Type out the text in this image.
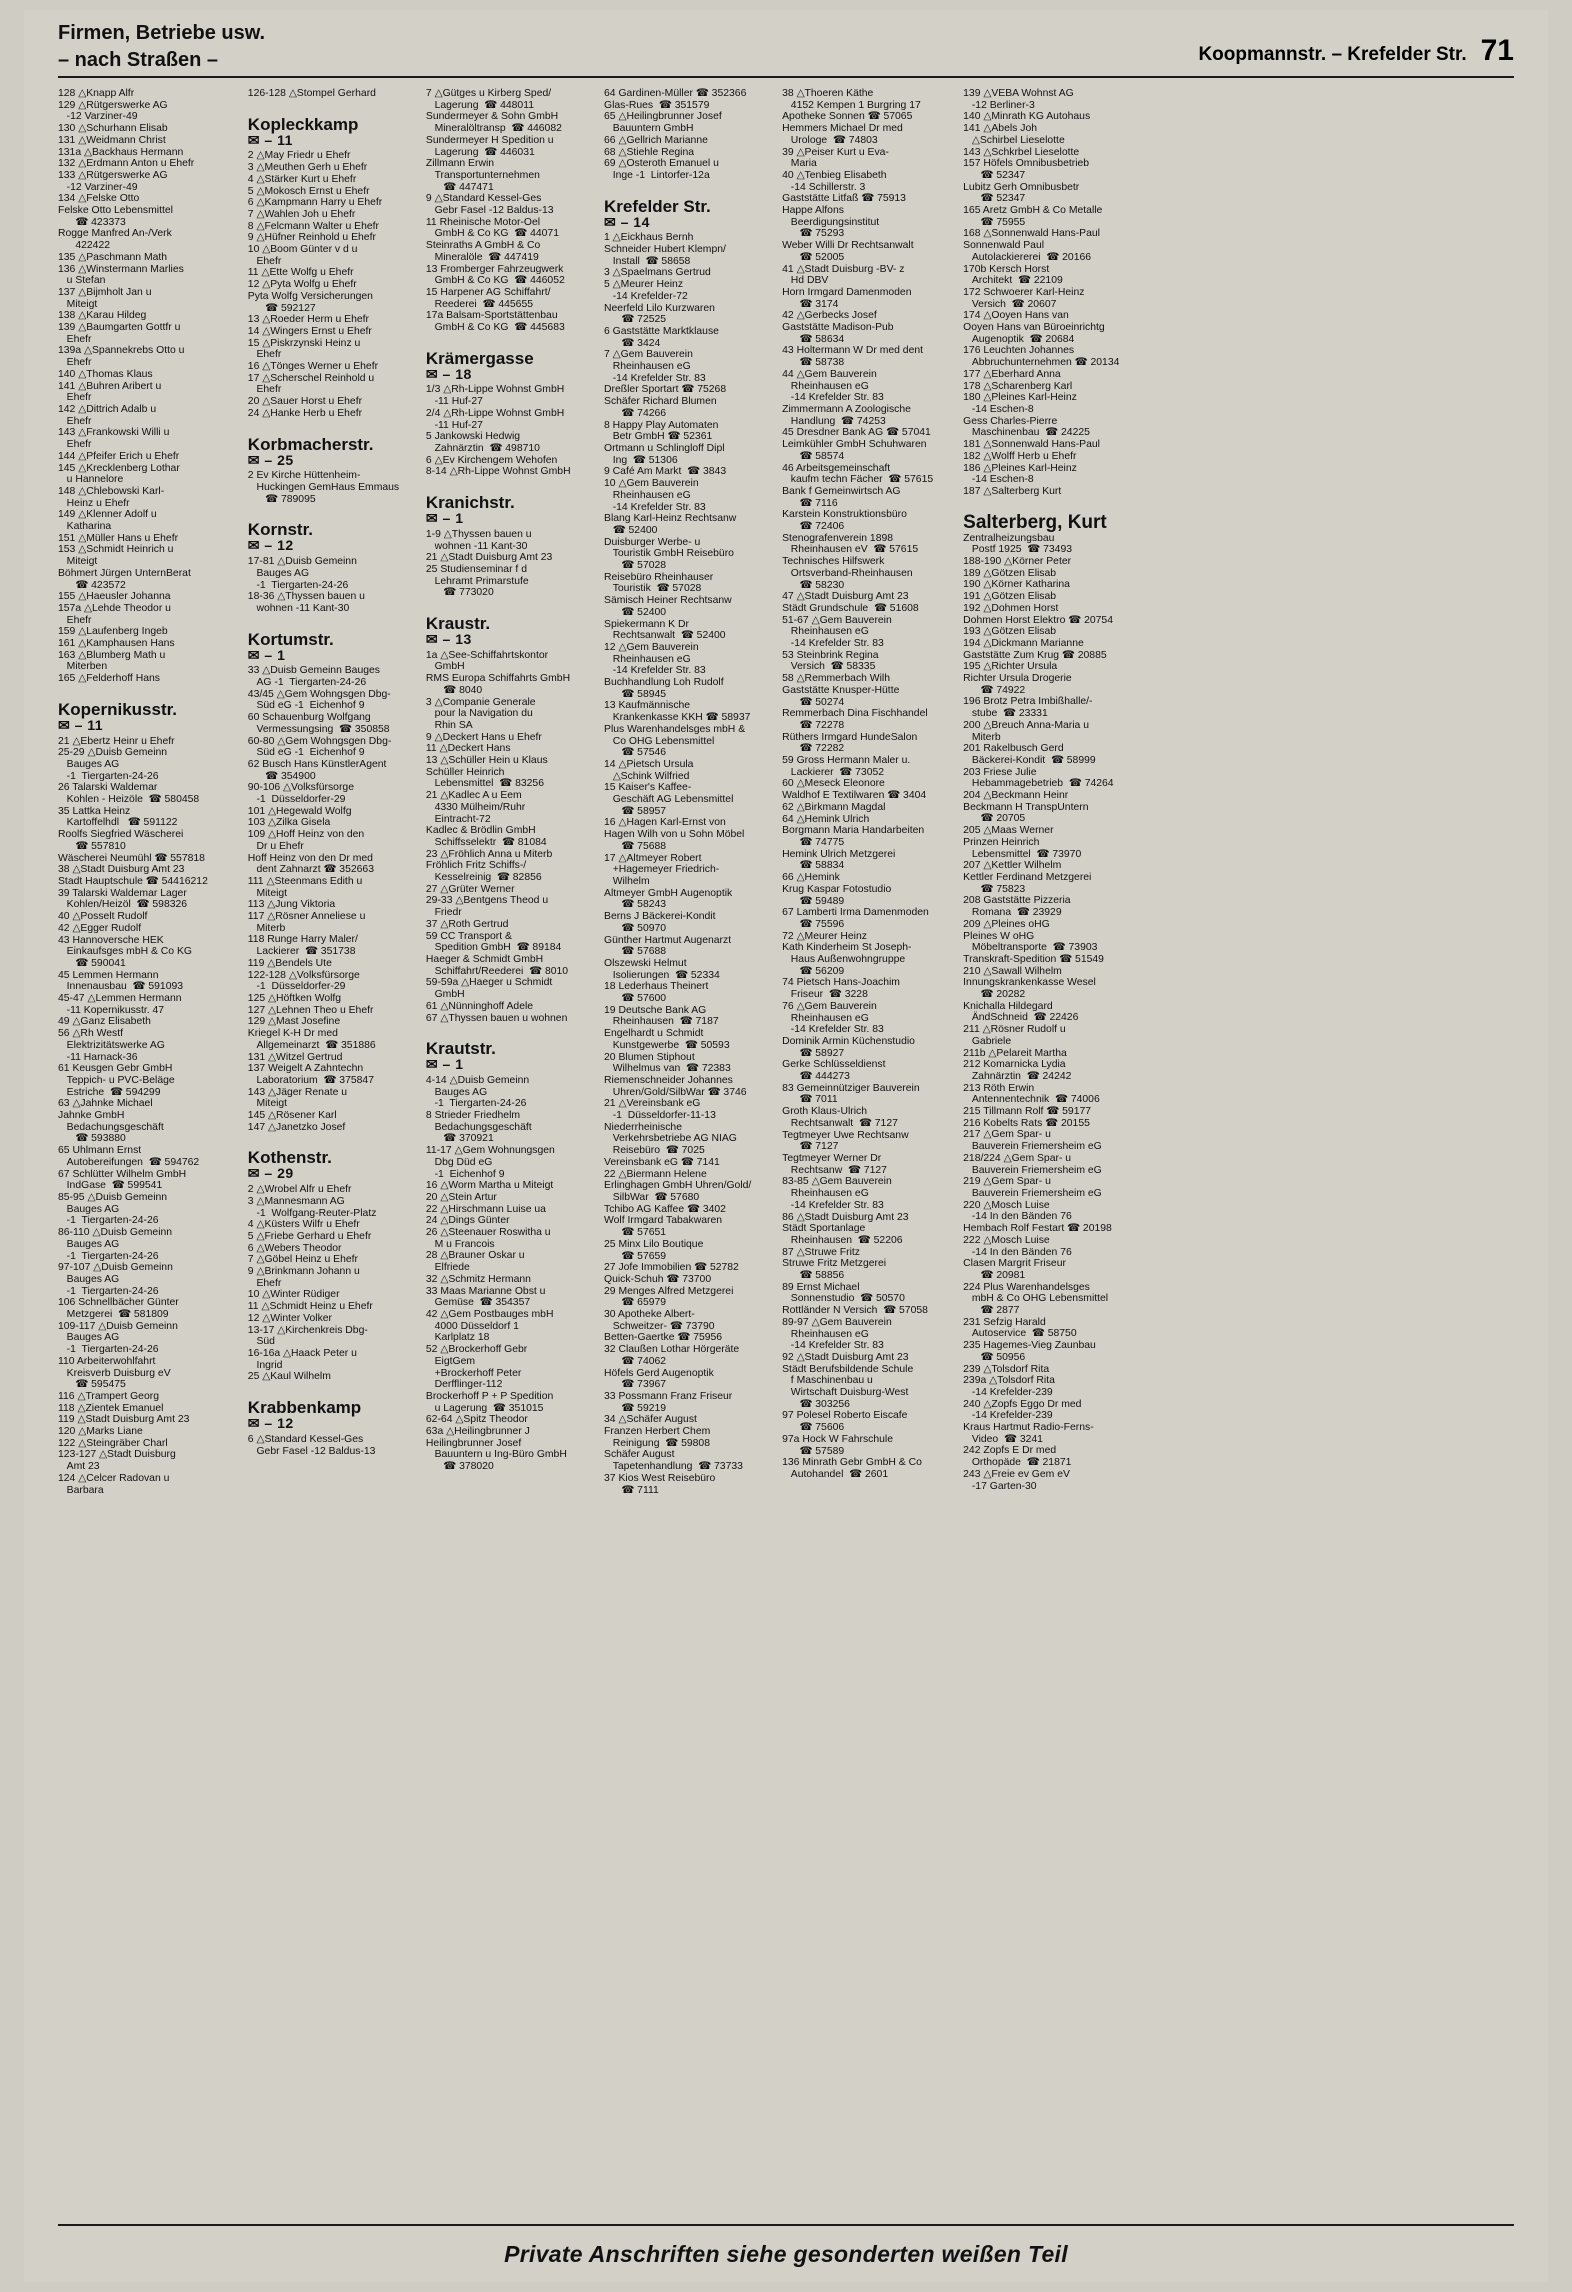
Firmen, Betriebe usw.
– nach Straßen –	Koopmannstr. – Krefelder Str. 71
128 △Knapp Alfr
129 △Rütgerswerke AG
-12 Varziner-49
130 △Schurhann Elisab
131 △Weidmann Christ
131a △Backhaus Hermann
132 △Erdmann Anton u Ehefr
133 △Rütgerswerke AG
-12 Varziner-49
134 △Felske Otto
Felske Otto Lebensmittel
☎ 423373
Rogge Manfred An-/Verk
422422
135 △Paschmann Math
136 △Winstermann Marlies
u Stefan
137 △Bijmholt Jan u
Miteigt
138 △Karau Hildeg
139 △Baumgarten Gottfr u
Ehefr
139a △Spannekrebs Otto u
Ehefr
140 △Thomas Klaus
141 △Buhren Aribert u
Ehefr
142 △Dittrich Adalb u
Ehefr
143 △Frankowski Willi u
Ehefr
144 △Pfeifer Erich u Ehefr
145 △Krecklenberg Lothar
u Hannelore
148 △Chlebowski Karl-
Heinz u Ehefr
149 △Klenner Adolf u
Katharina
151 △Müller Hans u Ehefr
153 △Schmidt Heinrich u
Miteigt
Böhmert Jürgen UnternBerat
☎ 423572
155 △Haeusler Johanna
157a △Lehde Theodor u
Ehefr
159 △Laufenberg Ingeb
161 △Kamphausen Hans
163 △Blumberg Math u
Miterben
165 △Felderhoff Hans
Kopernikusstr.
✉ – 11
21 △Ebertz Heinr u Ehefr
25-29 △Duisb Gemeinn
Bauges AG
-1  Tiergarten-24-26
26 Talarski Waldemar
Kohlen - Heizöle  ☎ 580458
35 Lattka Heinz
Kartoffelhdl   ☎ 591122
Roolfs Siegfried Wäscherei
☎ 557810
Wäscherei Neumühl ☎ 557818
38 △Stadt Duisburg Amt 23
Stadt Hauptschule ☎ 54416212
39 Talarski Waldemar Lager
Kohlen/Heizöl  ☎ 598326
40 △Posselt Rudolf
42 △Egger Rudolf
43 Hannoversche HEK
Einkaufsges mbH & Co KG
☎ 590041
45 Lemmen Hermann
Innenausbau  ☎ 591093
45-47 △Lemmen Hermann
-11 Kopernikusstr. 47
49 △Ganz Elisabeth
56 △Rh Westf
Elektrizitätswerke AG
-11 Harnack-36
61 Keusgen Gebr GmbH
Teppich- u PVC-Beläge
Estriche  ☎ 594299
63 △Jahnke Michael
Jahnke GmbH
Bedachungsgeschäft
☎ 593880
65 Uhlmann Ernst
Autobereifungen  ☎ 594762
67 Schlütter Wilhelm GmbH
IndGase  ☎ 599541
85-95 △Duisb Gemeinn
Bauges AG
-1  Tiergarten-24-26
86-110 △Duisb Gemeinn
Bauges AG
-1  Tiergarten-24-26
97-107 △Duisb Gemeinn
Bauges AG
-1  Tiergarten-24-26
106 Schnellbächer Günter
Metzgerei  ☎ 581809
109-117 △Duisb Gemeinn
Bauges AG
-1  Tiergarten-24-26
110 Arbeiterwohlfahrt
Kreisverb Duisburg eV
☎ 595475
116 △Trampert Georg
118 △Zientek Emanuel
119 △Stadt Duisburg Amt 23
120 △Marks Liane
122 △Steingräber Charl
123-127 △Stadt Duisburg
Amt 23
124 △Celcer Radovan u
Barbara
126-128 △Stompel Gerhard
Kopleckkamp
✉ – 11
2 △May Friedr u Ehefr
3 △Meuthen Gerh u Ehefr
4 △Stärker Kurt u Ehefr
5 △Mokosch Ernst u Ehefr
6 △Kampmann Harry u Ehefr
7 △Wahlen Joh u Ehefr
8 △Felcmann Walter u Ehefr
9 △Hüfner Reinhold u Ehefr
10 △Boom Günter v d u
Ehefr
11 △Ette Wolfg u Ehefr
12 △Pyta Wolfg u Ehefr
Pyta Wolfg Versicherungen
☎ 592127
13 △Roeder Herm u Ehefr
14 △Wingers Ernst u Ehefr
15 △Piskrzynski Heinz u
Ehefr
16 △Tönges Werner u Ehefr
17 △Scherschel Reinhold u
Ehefr
20 △Sauer Horst u Ehefr
24 △Hanke Herb u Ehefr
Korbmacherstr.
✉ – 25
2 Ev Kirche Hüttenheim-
Huckingen GemHaus Emmaus
☎ 789095
Kornstr.
✉ – 12
17-81 △Duisb Gemeinn
Bauges AG
-1  Tiergarten-24-26
18-36 △Thyssen bauen u
wohnen -11 Kant-30
Kortumstr.
✉ – 1
33 △Duisb Gemeinn Bauges
AG -1  Tiergarten-24-26
43/45 △Gem Wohngsgen Dbg-
Süd eG -1  Eichenhof 9
60 Schauenburg Wolfgang
Vermessungsing  ☎ 350858
60-80 △Gem Wohngsgen Dbg-
Süd eG -1  Eichenhof 9
62 Busch Hans KünstlerAgent
☎ 354900
90-106 △Volksfürsorge
-1  Düsseldorfer-29
101 △Hegewald Wolfg
103 △Zilka Gisela
109 △Hoff Heinz von den
Dr u Ehefr
Hoff Heinz von den Dr med
dent Zahnarzt ☎ 352663
111 △Steenmans Edith u
Miteigt
113 △Jung Viktoria
117 △Rösner Anneliese u
Miterb
118 Runge Harry Maler/
Lackierer  ☎ 351738
119 △Bendels Ute
122-128 △Volksfürsorge
-1  Düsseldorfer-29
125 △Höftken Wolfg
127 △Lehnen Theo u Ehefr
129 △Mast Josefine
Kriegel K-H Dr med
Allgemeinarzt  ☎ 351886
131 △Witzel Gertrud
137 Weigelt A Zahntechn
Laboratorium  ☎ 375847
143 △Jäger Renate u
Miteigt
145 △Rösener Karl
147 △Janetzko Josef
Kothenstr.
✉ – 29
2 △Wrobel Alfr u Ehefr
3 △Mannesmann AG
-1  Wolfgang-Reuter-Platz
4 △Küsters Wilfr u Ehefr
5 △Friebe Gerhard u Ehefr
6 △Webers Theodor
7 △Göbel Heinz u Ehefr
9 △Brinkmann Johann u
Ehefr
10 △Winter Rüdiger
11 △Schmidt Heinz u Ehefr
12 △Winter Volker
13-17 △Kirchenkreis Dbg-
Süd
16-16a △Haack Peter u
Ingrid
25 △Kaul Wilhelm
Krabbenkamp
✉ – 12
6 △Standard Kessel-Ges
Gebr Fasel -12 Baldus-13
7 △Gütges u Kirberg Sped/
Lagerung  ☎ 448011
Sundermeyer & Sohn GmbH
Mineralöltransp  ☎ 446082
Sundermeyer H Spedition u
Lagerung  ☎ 446031
Zillmann Erwin
Transportunternehmen
☎ 447471
9 △Standard Kessel-Ges
Gebr Fasel -12 Baldus-13
11 Rheinische Motor-Oel
GmbH & Co KG  ☎ 44071
Steinraths A GmbH & Co
Mineralöle  ☎ 447419
13 Fromberger Fahrzeugwerk
GmbH & Co KG  ☎ 446052
15 Harpener AG Schiffahrt/
Reederei  ☎ 445655
17a Balsam-Sportstättenbau
GmbH & Co KG  ☎ 445683
Krämergasse
✉ – 18
1/3 △Rh-Lippe Wohnst GmbH
-11 Huf-27
2/4 △Rh-Lippe Wohnst GmbH
-11 Huf-27
5 Jankowski Hedwig
Zahnärztin  ☎ 498710
6 △Ev Kirchengem Wehofen
8-14 △Rh-Lippe Wohnst GmbH
Kranichstr.
✉ – 1
1-9 △Thyssen bauen u
wohnen -11 Kant-30
21 △Stadt Duisburg Amt 23
25 Studienseminar f d
Lehramt Primarstufe
☎ 773020
Kraustr.
✉ – 13
1a △See-Schiffahrtskontor
GmbH
RMS Europa Schiffahrts GmbH
☎ 8040
3 △Companie Generale
pour la Navigation du
Rhin SA
9 △Deckert Hans u Ehefr
11 △Deckert Hans
13 △Schüller Hein u Klaus
Schüller Heinrich
Lebensmittel  ☎ 83256
21 △Kadlec A u Eem
4330 Mülheim/Ruhr
Eintracht-72
Kadlec & Brödlin GmbH
Schiffsselektr  ☎ 81084
23 △Fröhlich Anna u Miterb
Fröhlich Fritz Schiffs-/
Kesselreinig  ☎ 82856
27 △Grüter Werner
29-33 △Bentgens Theod u
Friedr
37 △Roth Gertrud
59 CC Transport &
Spedition GmbH  ☎ 89184
Haeger & Schmidt GmbH
Schiffahrt/Reederei  ☎ 8010
59-59a △Haeger u Schmidt
GmbH
61 △Nünninghoff Adele
67 △Thyssen bauen u wohnen
Krautstr.
✉ – 1
4-14 △Duisb Gemeinn
Bauges AG
-1  Tiergarten-24-26
8 Strieder Friedhelm
Bedachungsgeschäft
☎ 370921
11-17 △Gem Wohnungsgen
Dbg Düd eG
-1  Eichenhof 9
16 △Worm Martha u Miteigt
20 △Stein Artur
22 △Hirschmann Luise ua
24 △Dings Günter
26 △Steenauer Roswitha u
M u Francois
28 △Brauner Oskar u
Elfriede
32 △Schmitz Hermann
33 Maas Marianne Obst u
Gemüse  ☎ 354357
42 △Gem Postbauges mbH
4000 Düsseldorf 1
Karlplatz 18
52 △Brockerhoff Gebr
EigtGem
+Brockerhoff Peter
Derfflinger-112
Brockerhoff P + P Spedition
u Lagerung  ☎ 351015
62-64 △Spitz Theodor
63a △Heilingbrunner J
Heilingbrunner Josef
Bauuntern u Ing-Büro GmbH
☎ 378020
64 Gardinen-Müller ☎ 352366
Glas-Rues  ☎ 351579
65 △Heilingbrunner Josef
Bauuntern GmbH
66 △Gellrich Marianne
68 △Stiehle Regina
69 △Osteroth Emanuel u
Inge -1  Lintorfer-12a
Krefelder Str.
✉ – 14
1 △Eickhaus Bernh
Schneider Hubert Klempn/
Install  ☎ 58658
3 △Spaelmans Gertrud
5 △Meurer Heinz
-14 Krefelder-72
Neerfeld Lilo Kurzwaren
☎ 72525
6 Gaststätte Marktklause
☎ 3424
7 △Gem Bauverein
Rheinhausen eG
-14 Krefelder Str. 83
Dreßler Sportart ☎ 75268
Schäfer Richard Blumen
☎ 74266
8 Happy Play Automaten
Betr GmbH ☎ 52361
Ortmann u Schlingloff Dipl
Ing  ☎ 51306
9 Café Am Markt  ☎ 3843
10 △Gem Bauverein
Rheinhausen eG
-14 Krefelder Str. 83
Blang Karl-Heinz Rechtsanw
☎ 52400
Duisburger Werbe- u
Touristik GmbH Reisebüro
☎ 57028
Reisebüro Rheinhauser
Touristik  ☎ 57028
Sämisch Heiner Rechtsanw
☎ 52400
Spiekermann K Dr
Rechtsanwalt  ☎ 52400
12 △Gem Bauverein
Rheinhausen eG
-14 Krefelder Str. 83
Buchhandlung Loh Rudolf
☎ 58945
13 Kaufmännische
Krankenkasse KKH ☎ 58937
Plus Warenhandelsges mbH &
Co OHG Lebensmittel
☎ 57546
14 △Pietsch Ursula
△Schink Wilfried
15 Kaiser's Kaffee-
Geschäft AG Lebensmittel
☎ 58957
16 △Hagen Karl-Ernst von
Hagen Wilh von u Sohn Möbel
☎ 75688
17 △Altmeyer Robert
+Hagemeyer Friedrich-
Wilhelm
Altmeyer GmbH Augenoptik
☎ 58243
Berns J Bäckerei-Kondit
☎ 50970
Günther Hartmut Augenarzt
☎ 57688
Olszewski Helmut
Isolierungen  ☎ 52334
18 Lederhaus Theinert
☎ 57600
19 Deutsche Bank AG
Rheinhausen  ☎ 7187
Engelhardt u Schmidt
Kunstgewerbe  ☎ 50593
20 Blumen Stiphout
Wilhelmus van  ☎ 72383
Riemenschneider Johannes
Uhren/Gold/SilbWar ☎ 3746
21 △Vereinsbank eG
-1  Düsseldorfer-11-13
Niederrheinische
Verkehrsbetriebe AG NIAG
Reisebüro  ☎ 7025
Vereinsbank eG ☎ 7141
22 △Biermann Helene
Erlinghagen GmbH Uhren/Gold/
SilbWar  ☎ 57680
Tchibo AG Kaffee ☎ 3402
Wolf Irmgard Tabakwaren
☎ 57651
25 Minx Lilo Boutique
☎ 57659
27 Jofe Immobilien ☎ 52782
Quick-Schuh ☎ 73700
29 Menges Alfred Metzgerei
☎ 65979
30 Apotheke Albert-
Schweitzer- ☎ 73790
Betten-Gaertke ☎ 75956
32 Claußen Lothar Hörgeräte
☎ 74062
Höfels Gerd Augenoptik
☎ 73967
33 Possmann Franz Friseur
☎ 59219
34 △Schäfer August
Franzen Herbert Chem
Reinigung  ☎ 59808
Schäfer August
Tapetenhandlung  ☎ 73733
37 Kios West Reisebüro
☎ 7111
38 △Thoeren Käthe
4152 Kempen 1 Burgring 17
Apotheke Sonnen ☎ 57065
Hemmers Michael Dr med
Urologe  ☎ 74803
39 △Peiser Kurt u Eva-
Maria
40 △Tenbieg Elisabeth
-14 Schillerstr. 3
Gaststätte Litfaß ☎ 75913
Happe Alfons
Beerdigungsinstitut
☎ 75293
Weber Willi Dr Rechtsanwalt
☎ 52005
41 △Stadt Duisburg -BV- z
Hd DBV
Horn Irmgard Damenmoden
☎ 3174
42 △Gerbecks Josef
Gaststätte Madison-Pub
☎ 58634
43 Holtermann W Dr med dent
☎ 58738
44 △Gem Bauverein
Rheinhausen eG
-14 Krefelder Str. 83
Zimmermann A Zoologische
Handlung  ☎ 74253
45 Dresdner Bank AG ☎ 57041
Leimkühler GmbH Schuhwaren
☎ 58574
46 Arbeitsgemeinschaft
kaufm techn Fächer  ☎ 57615
Bank f Gemeinwirtsch AG
☎ 7116
Karstein Konstruktionsbüro
☎ 72406
Stenografenverein 1898
Rheinhausen eV  ☎ 57615
Technisches Hilfswerk
Ortsverband-Rheinhausen
☎ 58230
47 △Stadt Duisburg Amt 23
Städt Grundschule  ☎ 51608
51-67 △Gem Bauverein
Rheinhausen eG
-14 Krefelder Str. 83
53 Steinbrink Regina
Versich  ☎ 58335
58 △Remmerbach Wilh
Gaststätte Knusper-Hütte
☎ 50274
Remmerbach Dina Fischhandel
☎ 72278
Rüthers Irmgard HundeSalon
☎ 72282
59 Gross Hermann Maler u.
Lackierer  ☎ 73052
60 △Meseck Eleonore
Waldhof E Textilwaren ☎ 3404
62 △Birkmann Magdal
64 △Hemink Ulrich
Borgmann Maria Handarbeiten
☎ 74775
Hemink Ulrich Metzgerei
☎ 58834
66 △Hemink
Krug Kaspar Fotostudio
☎ 59489
67 Lamberti Irma Damenmoden
☎ 75596
72 △Meurer Heinz
Kath Kinderheim St Joseph-
Haus Außenwohngruppe
☎ 56209
74 Pietsch Hans-Joachim
Friseur  ☎ 3228
76 △Gem Bauverein
Rheinhausen eG
-14 Krefelder Str. 83
Dominik Armin Küchenstudio
☎ 58927
Gerke Schlüsseldienst
☎ 444273
83 Gemeinnütziger Bauverein
☎ 7011
Groth Klaus-Ulrich
Rechtsanwalt  ☎ 7127
Tegtmeyer Uwe Rechtsanw
☎ 7127
Tegtmeyer Werner Dr
Rechtsanw  ☎ 7127
83-85 △Gem Bauverein
Rheinhausen eG
-14 Krefelder Str. 83
86 △Stadt Duisburg Amt 23
Städt Sportanlage
Rheinhausen  ☎ 52206
87 △Struwe Fritz
Struwe Fritz Metzgerei
☎ 58856
89 Ernst Michael
Sonnenstudio  ☎ 50570
Rottländer N Versich  ☎ 57058
89-97 △Gem Bauverein
Rheinhausen eG
-14 Krefelder Str. 83
92 △Stadt Duisburg Amt 23
Städt Berufsbildende Schule
f Maschinenbau u
Wirtschaft Duisburg-West
☎ 303256
97 Polesel Roberto Eiscafe
☎ 75606
97a Hock W Fahrschule
☎ 57589
136 Minrath Gebr GmbH & Co
Autohandel  ☎ 2601
139 △VEBA Wohnst AG
-12 Berliner-3
140 △Minrath KG Autohaus
141 △Abels Joh
△Schirbel Lieselotte
143 △Schkrbel Lieselotte
157 Höfels Omnibusbetrieb
☎ 52347
Lubitz Gerh Omnibusbetr
☎ 52347
165 Aretz GmbH & Co Metalle
☎ 75955
168 △Sonnenwald Hans-Paul
Sonnenwald Paul
Autolackiererei  ☎ 20166
170b Kersch Horst
Architekt  ☎ 22109
172 Schwoerer Karl-Heinz
Versich  ☎ 20607
174 △Ooyen Hans van
Ooyen Hans van Büroeinrichtg
Augenoptik  ☎ 20684
176 Leuchten Johannes
Abbruchunternehmen ☎ 20134
177 △Eberhard Anna
178 △Scharenberg Karl
180 △Pleines Karl-Heinz
-14 Eschen-8
Gess Charles-Pierre
Maschinenbau  ☎ 24225
181 △Sonnenwald Hans-Paul
182 △Wolff Herb u Ehefr
186 △Pleines Karl-Heinz
-14 Eschen-8
187 △Salterberg Kurt
Salterberg, Kurt
Zentralheizungsbau
Postf 1925  ☎ 73493
188-190 △Körner Peter
189 △Götzen Elisab
190 △Körner Katharina
191 △Götzen Elisab
192 △Dohmen Horst
Dohmen Horst Elektro ☎ 20754
193 △Götzen Elisab
194 △Dickmann Marianne
Gaststätte Zum Krug ☎ 20885
195 △Richter Ursula
Richter Ursula Drogerie
☎ 74922
196 Brotz Petra Imbißhalle/-
stube  ☎ 23331
200 △Breuch Anna-Maria u
Miterb
201 Rakelbusch Gerd
Bäckerei-Kondit  ☎ 58999
203 Friese Julie
Hebammagebetrieb  ☎ 74264
204 △Beckmann Heinr
Beckmann H TranspUntern
☎ 20705
205 △Maas Werner
Prinzen Heinrich
Lebensmittel  ☎ 73970
207 △Kettler Wilhelm
Kettler Ferdinand Metzgerei
☎ 75823
208 Gaststätte Pizzeria
Romana  ☎ 23929
209 △Pleines oHG
Pleines W oHG
Möbeltransporte  ☎ 73903
Transkraft-Spedition ☎ 51549
210 △Sawall Wilhelm
Innungskrankenkasse Wesel
☎ 20282
Knichalla Hildegard
ÄndSchneid  ☎ 22426
211 △Rösner Rudolf u
Gabriele
211b △Pelareit Martha
212 Komarnicka Lydia
Zahnärztin  ☎ 24242
213 Röth Erwin
Antennentechnik  ☎ 74006
215 Tillmann Rolf ☎ 59177
216 Kobelts Rats ☎ 20155
217 △Gem Spar- u
Bauverein Friemersheim eG
218/224 △Gem Spar- u
Bauverein Friemersheim eG
219 △Gem Spar- u
Bauverein Friemersheim eG
220 △Mosch Luise
-14 In den Bänden 76
Hembach Rolf Festart ☎ 20198
222 △Mosch Luise
-14 In den Bänden 76
Clasen Margrit Friseur
☎ 20981
224 Plus Warenhandelsges
mbH & Co OHG Lebensmittel
☎ 2877
231 Sefzig Harald
Autoservice  ☎ 58750
235 Hagemes-Vieg Zaunbau
☎ 50956
239 △Tolsdorf Rita
239a △Tolsdorf Rita
-14 Krefelder-239
240 △Zopfs Eggo Dr med
-14 Krefelder-239
Kraus Hartmut Radio-Ferns-
Video  ☎ 3241
242 Zopfs E Dr med
Orthopäde  ☎ 21871
243 △Freie ev Gem eV
-17 Garten-30
Private Anschriften siehe gesonderten weißen Teil
